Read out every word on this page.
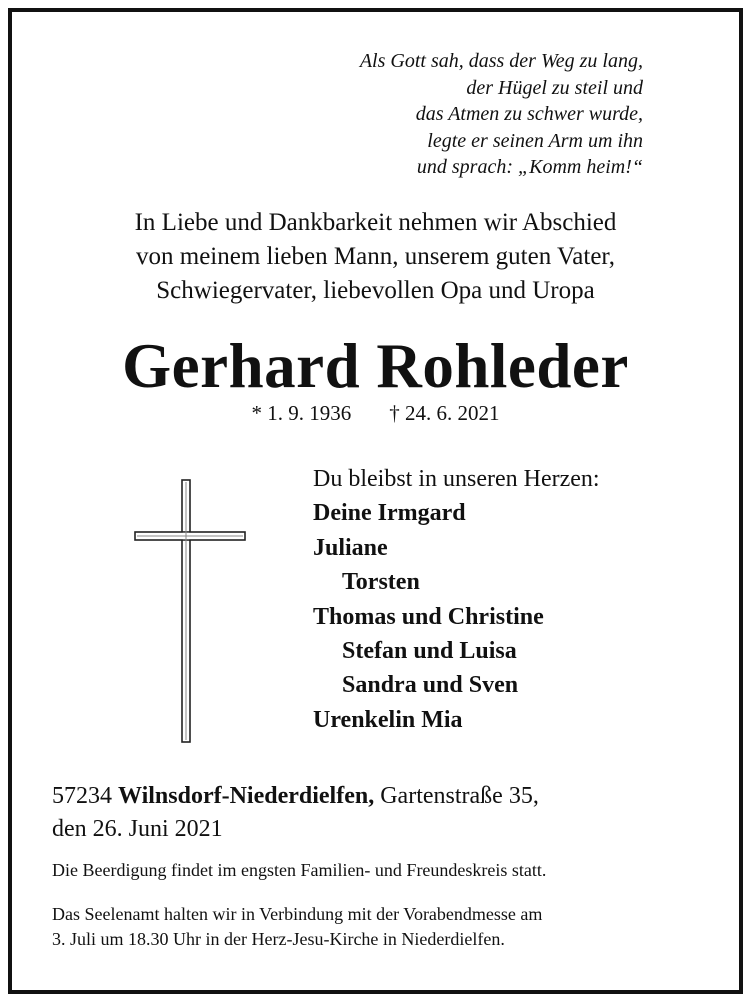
Als Gott sah, dass der Weg zu lang,
der Hügel zu steil und
das Atmen zu schwer wurde,
legte er seinen Arm um ihn
und sprach: „Komm heim!“
In Liebe und Dankbarkeit nehmen wir Abschied
von meinem lieben Mann, unserem guten Vater,
Schwiegervater, liebevollen Opa und Uropa
Gerhard Rohleder
* 1. 9. 1936 † 24. 6. 2021
Du bleibst in unseren Herzen:
Deine Irmgard
Juliane
Torsten
Thomas und Christine
Stefan und Luisa
Sandra und Sven
Urenkelin Mia
57234 Wilnsdorf-Niederdielfen, Gartenstraße 35,
den 26. Juni 2021
Die Beerdigung findet im engsten Familien- und Freundeskreis statt.
Das Seelenamt halten wir in Verbindung mit der Vorabendmesse am
3. Juli um 18.30 Uhr in der Herz-Jesu-Kirche in Niederdielfen.
